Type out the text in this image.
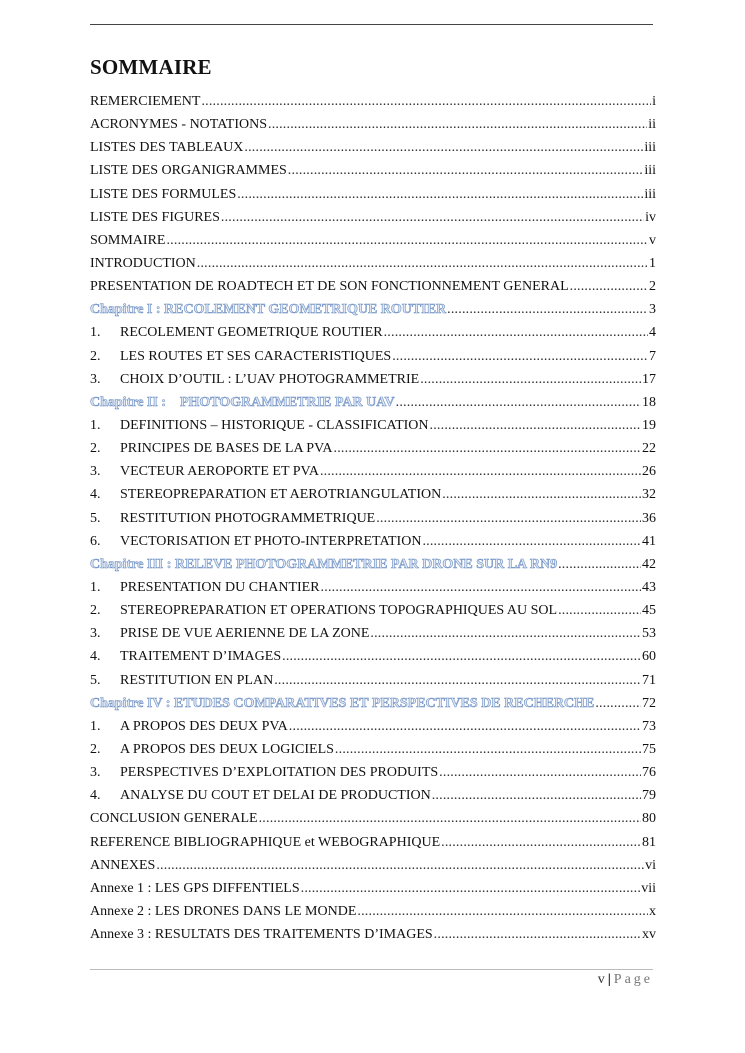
SOMMAIRE
REMERCIEMENT .....	i
ACRONYMES - NOTATIONS .....	ii
LISTES DES TABLEAUX .....	iii
LISTE DES ORGANIGRAMMES .....	iii
LISTE DES FORMULES .....	iii
LISTE DES FIGURES .....	iv
SOMMAIRE .....	v
INTRODUCTION .....	1
PRESENTATION DE ROADTECH ET DE SON FONCTIONNEMENT GENERAL .....	2
Chapitre I : RECOLEMENT GEOMETRIQUE ROUTIER .....	3
1.	RECOLEMENT GEOMETRIQUE ROUTIER .....	4
2.	LES ROUTES ET SES CARACTERISTIQUES .....	7
3.	CHOIX D’OUTIL : L’UAV PHOTOGRAMMETRIE .....	17
Chapitre II :    PHOTOGRAMMETRIE PAR UAV .....	18
1.	DEFINITIONS – HISTORIQUE - CLASSIFICATION .....	19
2.	PRINCIPES DE BASES DE LA PVA .....	22
3.	VECTEUR AEROPORTE ET PVA .....	26
4.	STEREOPREPARATION ET AEROTRIANGULATION .....	32
5.	RESTITUTION PHOTOGRAMMETRIQUE .....	36
6.	VECTORISATION ET PHOTO-INTERPRETATION .....	41
Chapitre III : RELEVE PHOTOGRAMMETRIE PAR DRONE SUR LA RN9 .....	42
1.	PRESENTATION DU CHANTIER .....	43
2.	STEREOPREPARATION ET OPERATIONS TOPOGRAPHIQUES AU SOL .....	45
3.	PRISE DE VUE AERIENNE DE LA ZONE .....	53
4.	TRAITEMENT D’IMAGES .....	60
5.	RESTITUTION EN PLAN .....	71
Chapitre IV : ETUDES COMPARATIVES ET PERSPECTIVES DE RECHERCHE .....	72
1.	A PROPOS DES DEUX PVA .....	73
2.	A PROPOS DES DEUX LOGICIELS .....	75
3.	PERSPECTIVES D’EXPLOITATION DES PRODUITS .....	76
4.	ANALYSE DU COUT ET DELAI DE PRODUCTION .....	79
CONCLUSION GENERALE .....	80
REFERENCE BIBLIOGRAPHIQUE et WEBOGRAPHIQUE .....	81
ANNEXES .....	vi
Annexe 1 : LES GPS DIFFENTIELS .....	vii
Annexe 2 : LES DRONES DANS LE MONDE .....	x
Annexe 3 : RESULTATS DES TRAITEMENTS D’IMAGES .....	xv
v | Page
